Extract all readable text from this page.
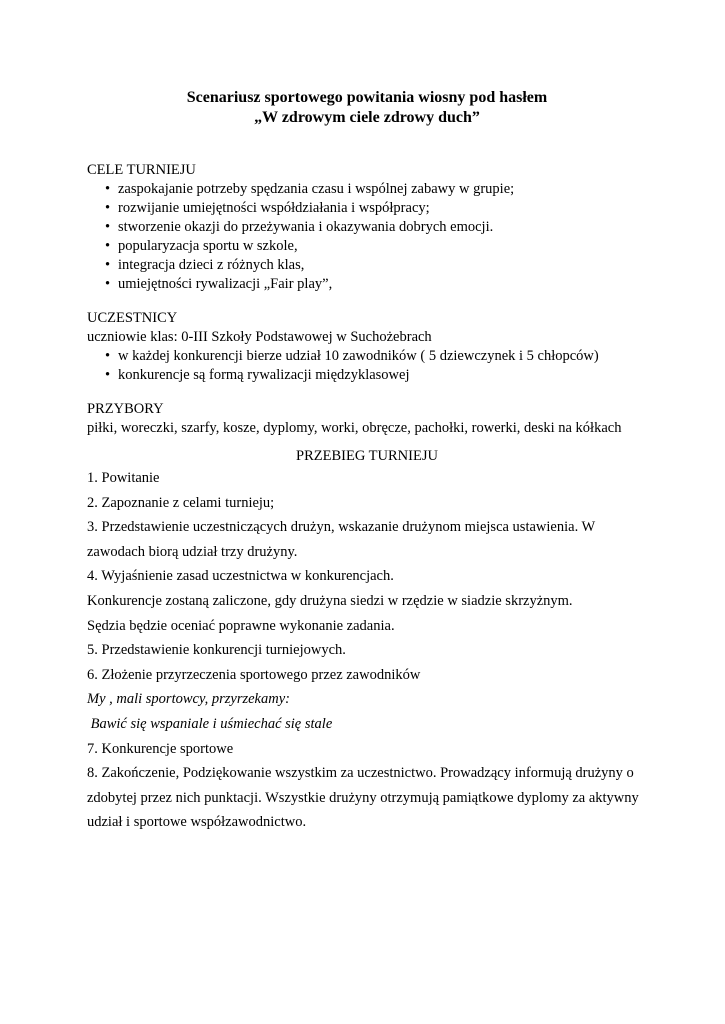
Scenariusz sportowego powitania wiosny pod hasłem

„W zdrowym ciele zdrowy duch”

CELE TURNIEJU

• zaspokajanie potrzeby spędzania czasu i wspólnej zabawy w grupie;
• rozwijanie umiejętności współdziałania i współpracy;
• stworzenie okazji do przeżywania i okazywania dobrych emocji.
• popularyzacja sportu w szkole,
• integracja dzieci z różnych klas,
• umiejętności rywalizacji „Fair play”,

UCZESTNICY

uczniowie klas: 0-III Szkoły Podstawowej w Suchożebrach

• w każdej konkurencji bierze udział 10 zawodników ( 5 dziewczynek i 5 chłopców)
• konkurencje są formą rywalizacji międzyklasowej

PRZYBORY

piłki, woreczki, szarfy, kosze, dyplomy, worki, obręcze, pachołki, rowerki, deski na kółkach

PRZEBIEG TURNIEJU

1. Powitanie

2. Zapoznanie z celami turnieju;

3. Przedstawienie uczestniczących drużyn, wskazanie drużynom miejsca ustawienia. W zawodach biorą udział trzy drużyny.

4. Wyjaśnienie zasad uczestnictwa w konkurencjach.

Konkurencje zostaną zaliczone, gdy drużyna siedzi w rzędzie w siadzie skrzyżnym.

Sędzia będzie oceniać poprawne wykonanie zadania.

5. Przedstawienie konkurencji turniejowych.

6. Złożenie przyrzeczenia sportowego przez zawodników

My , mali sportowcy, przyrzekamy:

Bawić się wspaniale i uśmiechać się stale

7. Konkurencje sportowe

8. Zakończenie, Podziękowanie wszystkim za uczestnictwo. Prowadzący informują drużyny o zdobytej przez nich punktacji. Wszystkie drużyny otrzymują pamiątkowe dyplomy za aktywny udział i sportowe współzawodnictwo.
